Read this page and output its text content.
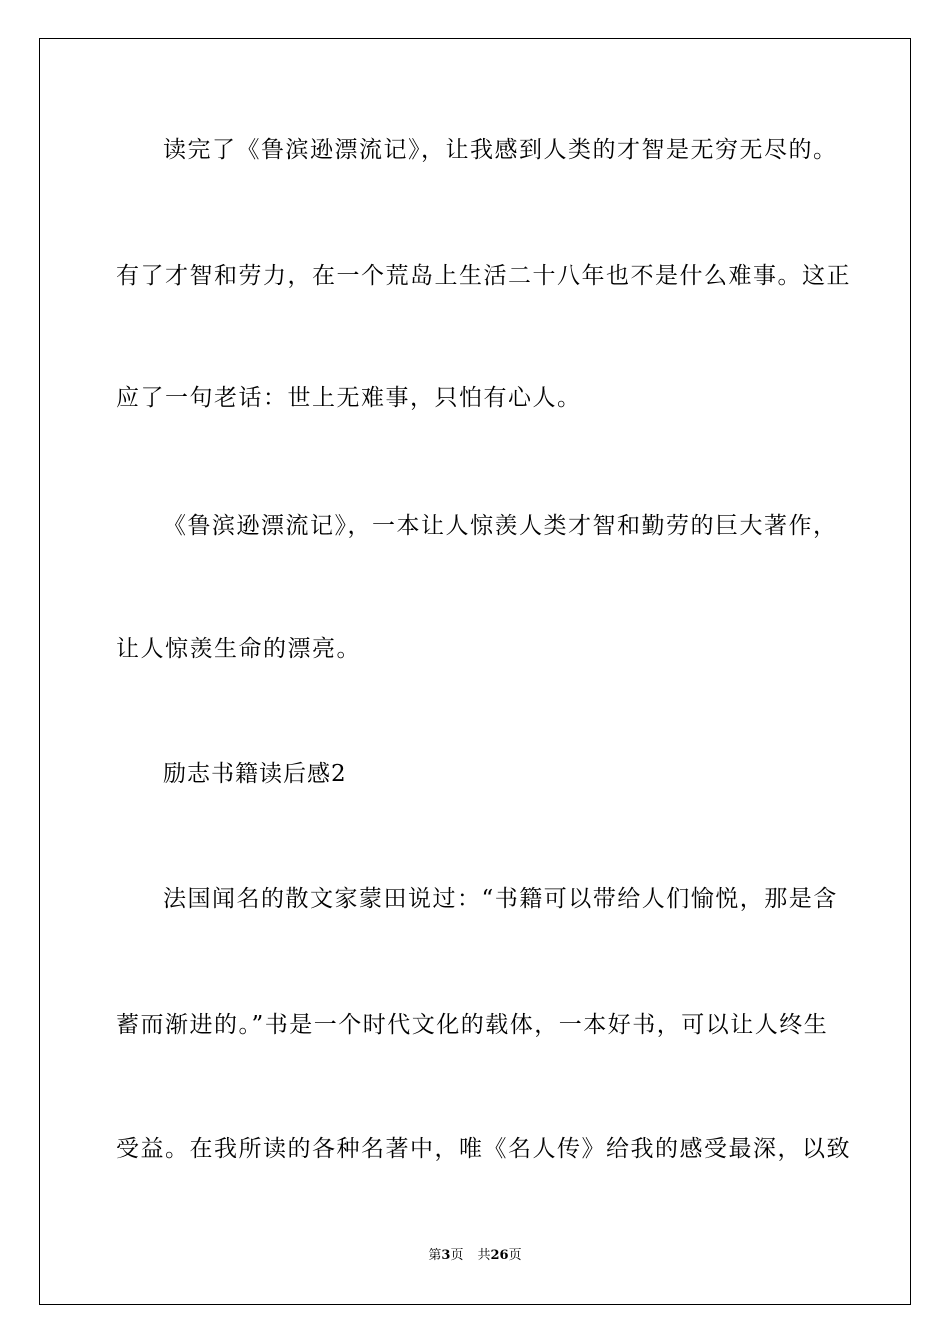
读完了《鲁滨逊漂流记》，让我感到人类的才智是无穷无尽的。
有了才智和劳力，在一个荒岛上生活二十八年也不是什么难事。这正
应了一句老话：世上无难事，只怕有心人。
《鲁滨逊漂流记》，一本让人惊羡人类才智和勤劳的巨大著作，
让人惊羡生命的漂亮。
励志书籍读后感2
法国闻名的散文家蒙田说过：“书籍可以带给人们愉悦，那是含
蓄而渐进的。”书是一个时代文化的载体，一本好书，可以让人终生
受益。在我所读的各种名著中，唯《名人传》给我的感受最深，以致
第3页 共26页
